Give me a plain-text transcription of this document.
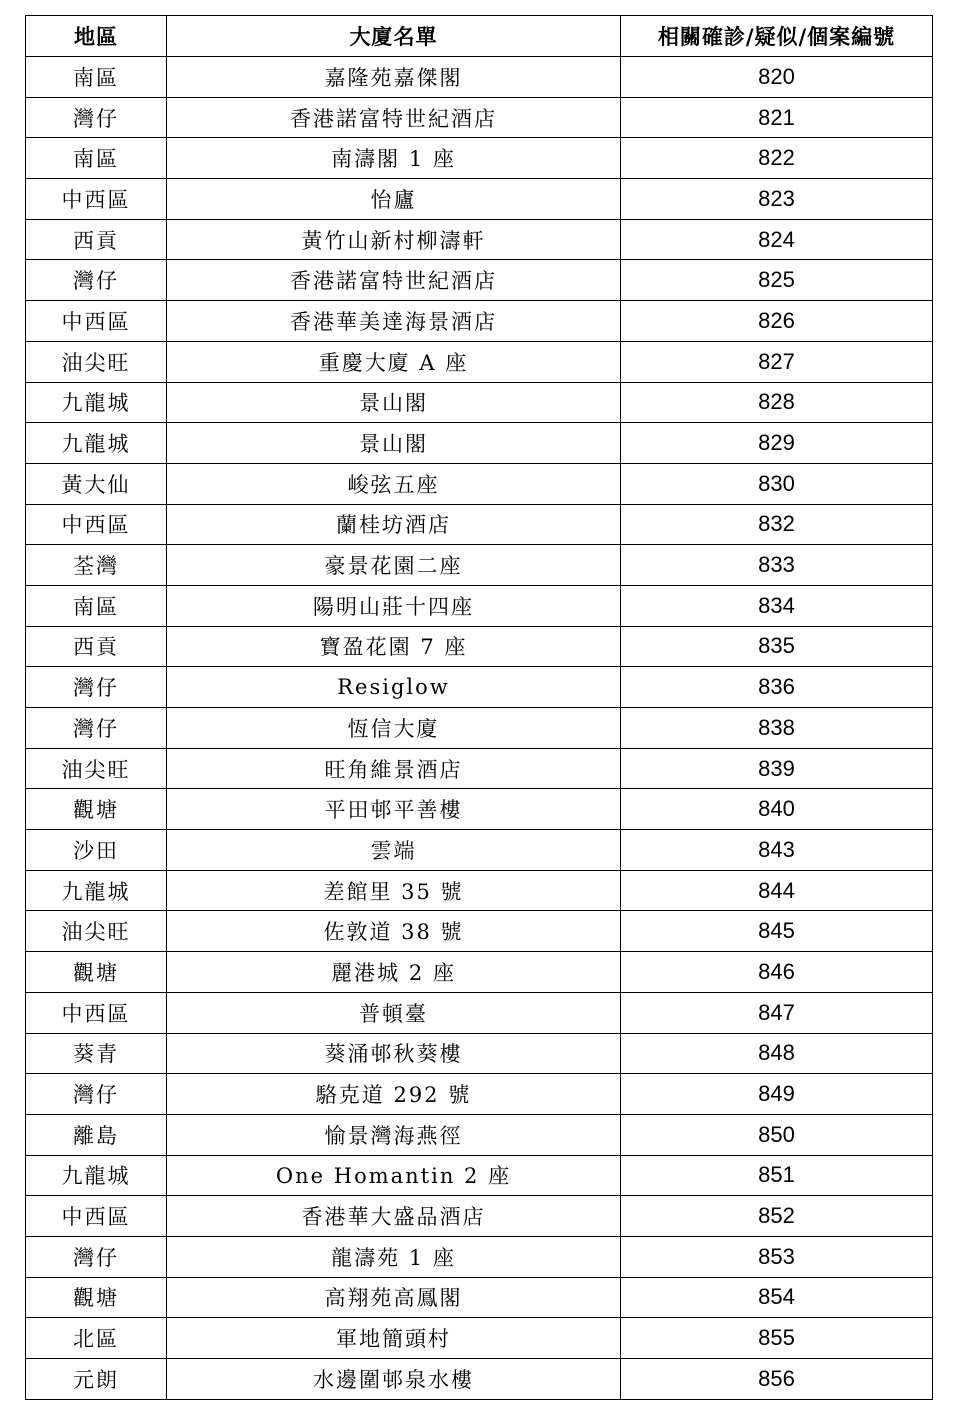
地區	大廈名單	相關確診/疑似/個案編號
南區	嘉隆苑嘉傑閣	820
灣仔	香港諾富特世紀酒店	821
南區	南濤閣 1 座	822
中西區	怡廬	823
西貢	黃竹山新村柳濤軒	824
灣仔	香港諾富特世紀酒店	825
中西區	香港華美達海景酒店	826
油尖旺	重慶大廈 A 座	827
九龍城	景山閣	828
九龍城	景山閣	829
黃大仙	峻弦五座	830
中西區	蘭桂坊酒店	832
荃灣	豪景花園二座	833
南區	陽明山莊十四座	834
西貢	寶盈花園 7 座	835
灣仔	Resiglow	836
灣仔	恆信大廈	838
油尖旺	旺角維景酒店	839
觀塘	平田邨平善樓	840
沙田	雲端	843
九龍城	差館里 35 號	844
油尖旺	佐敦道 38 號	845
觀塘	麗港城 2 座	846
中西區	普頓臺	847
葵青	葵涌邨秋葵樓	848
灣仔	駱克道 292 號	849
離島	愉景灣海燕徑	850
九龍城	One Homantin 2 座	851
中西區	香港華大盛品酒店	852
灣仔	龍濤苑 1 座	853
觀塘	高翔苑高鳳閣	854
北區	軍地簡頭村	855
元朗	水邊圍邨泉水樓	856
